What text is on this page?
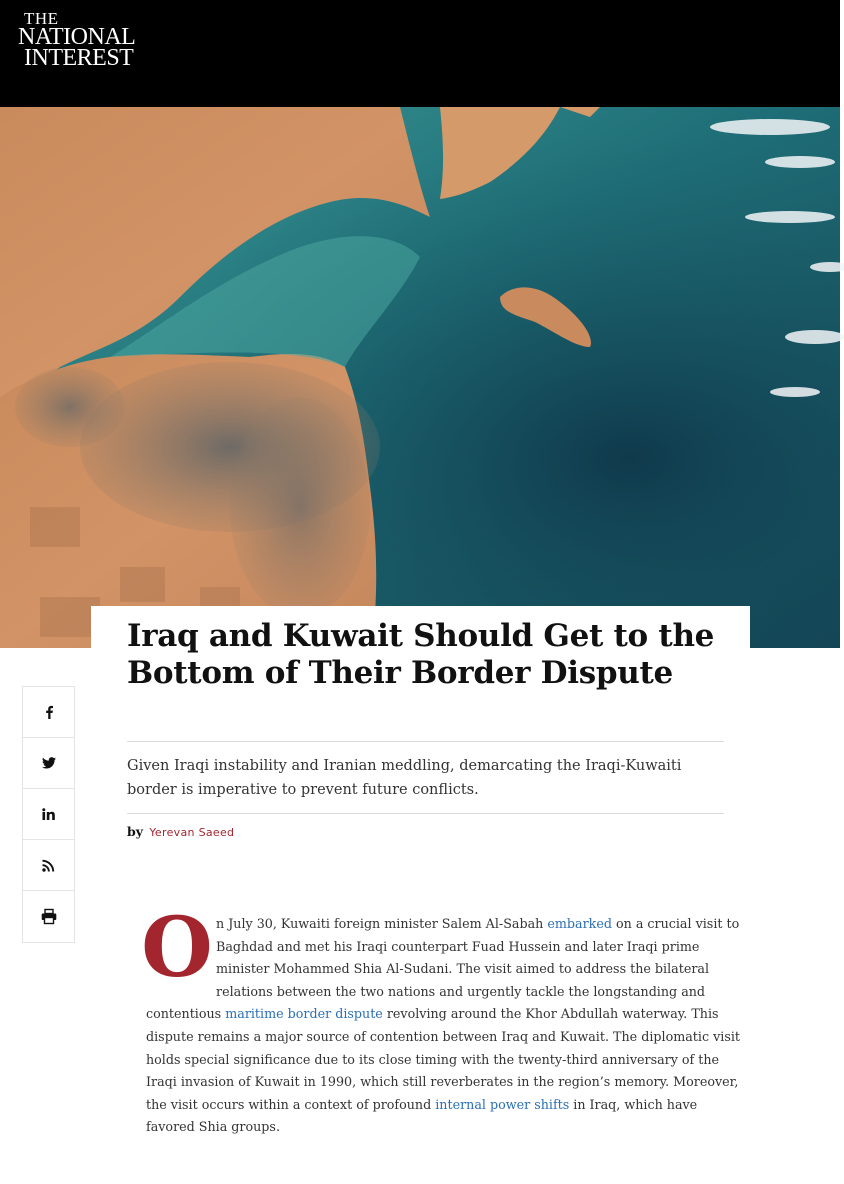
THE
NATIONAL
INTEREST
Iraq and Kuwait Should Get to the Bottom of Their Border Dispute

Given Iraqi instability and Iranian meddling, demarcating the Iraqi-Kuwaiti border is imperative to prevent future conflicts.

by Yerevan Saeed
O n July 30, Kuwaiti foreign minister Salem Al-Sabah embarked on a crucial visit to Baghdad and met his Iraqi counterpart Fuad Hussein and later Iraqi prime minister Mohammed Shia Al-Sudani. The visit aimed to address the bilateral relations between the two nations and urgently tackle the longstanding and contentious maritime border dispute revolving around the Khor Abdullah waterway. This dispute remains a major source of contention between Iraq and Kuwait. The diplomatic visit holds special significance due to its close timing with the twenty-third anniversary of the Iraqi invasion of Kuwait in 1990, which still reverberates in the region’s memory. Moreover, the visit occurs within a context of profound internal power shifts in Iraq, which have favored Shia groups.
